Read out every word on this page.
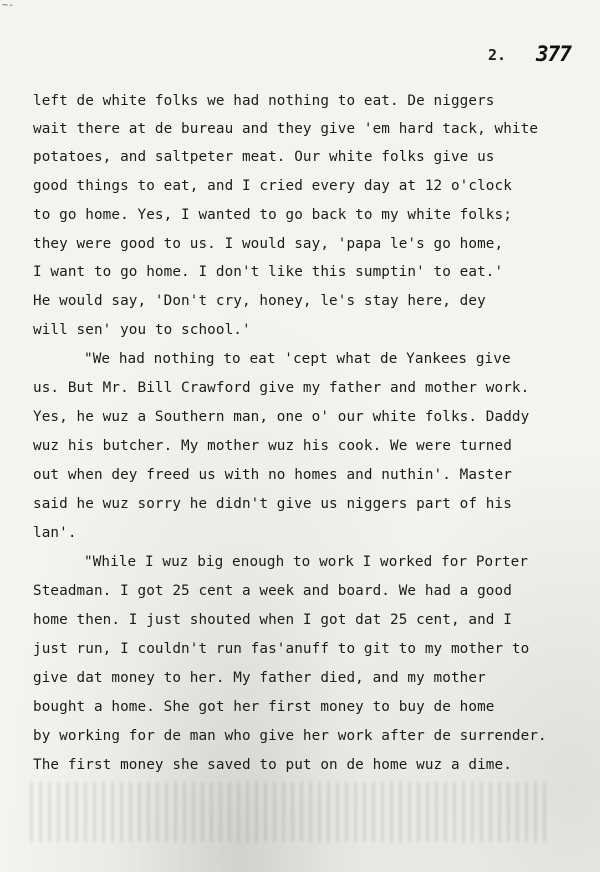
~-
2. 377
left de white folks we had nothing to eat. De niggers
wait there at de bureau and they give 'em hard tack, white
potatoes, and saltpeter meat. Our white folks give us
good things to eat, and I cried every day at 12 o'clock
to go home. Yes, I wanted to go back to my white folks;
they were good to us. I would say, 'papa le's go home,
I want to go home. I don't like this sumptin' to eat.'
He would say, 'Don't cry, honey, le's stay here, dey
will sen' you to school.'
"We had nothing to eat 'cept what de Yankees give
us. But Mr. Bill Crawford give my father and mother work.
Yes, he wuz a Southern man, one o' our white folks. Daddy
wuz his butcher. My mother wuz his cook. We were turned
out when dey freed us with no homes and nuthin'. Master
said he wuz sorry he didn't give us niggers part of his
lan'.
"While I wuz big enough to work I worked for Porter
Steadman. I got 25 cent a week and board. We had a good
home then. I just shouted when I got dat 25 cent, and I
just run, I couldn't run fas'anuff to git to my mother to
give dat money to her. My father died, and my mother
bought a home. She got her first money to buy de home
by working for de man who give her work after de surrender.
The first money she saved to put on de home wuz a dime.
